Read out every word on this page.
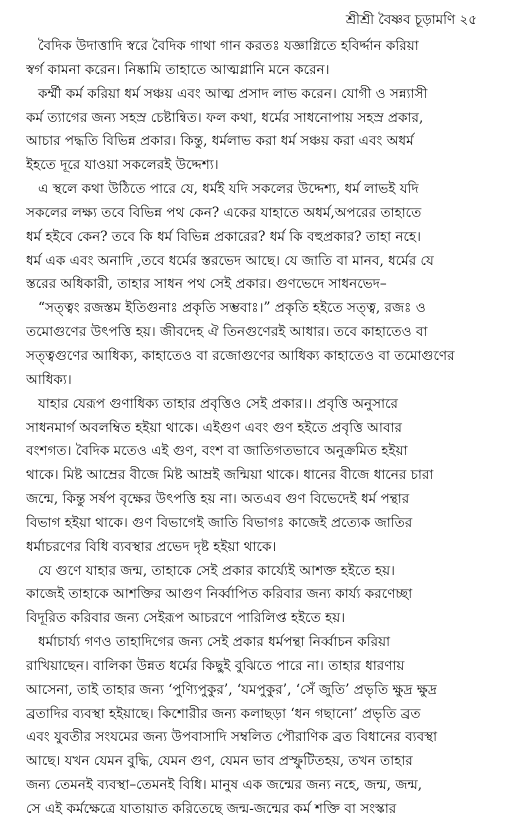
শ্রীশ্রী বৈষ্ণব চূড়ামণি ২৫
বৈদিক উদাত্তাদি স্বরে বৈদিক গাথা গান করতঃ যজ্ঞাগ্নিতে হবির্দ্দান করিয়া
স্বর্গ কামনা করেন। নিষ্কামি তাহাতে আত্মগ্লানি মনে করেন।
কর্ম্মী কর্ম করিয়া ধর্ম সঞ্চয় এবং আত্ম প্রসাদ লাভ করেন। যোগী ও সন্ন্যাসী
কর্ম ত্যাগের জন্য সহস্র চেষ্টান্বিত। ফল কথা, ধর্মের সাধনোপায় সহস্র প্রকার,
আচার পদ্ধতি বিভিন্ন প্রকার। কিন্তু, ধর্মলাভ করা ধর্ম সঞ্চয় করা এবং অধর্ম
ইহতে দূরে যাওয়া সকলেরই উদ্দেশ্য।
এ স্থলে কথা উঠিতে পারে যে, ধর্মই যদি সকলের উদ্দেশ্য, ধর্ম লাভই যদি
সকলের লক্ষ্য তবে বিভিন্ন পথ কেন? একের যাহাতে অধর্ম,অপরের তাহাতে
ধর্ম হইবে কেন? তবে কি ধর্ম বিভিন্ন প্রকারের? ধর্ম কি বহুপ্রকার? তাহা নহে।
ধর্ম এক এবং অনাদি ,তবে ধর্মের স্তরভেদ আছে। যে জাতি বা মানব, ধর্মের যে
স্তরের অধিকারী, তাহার সাধন পথ সেই প্রকার। গুণভেদে সাধনভেদ–
“সত্ত্বং রজস্তম ইতিগুনাঃ প্রকৃতি সম্ভবাঃ।” প্রকৃতি হইতে সত্ত্ব, রজঃ ও
তমোগুণের উৎপত্তি হয়। জীবদেহ ঐ তিনগুণেরই আধার। তবে কাহাতেও বা
সত্ত্বগুণের আধিক্য, কাহাতেও বা রজোগুণের আধিক্য কাহাতেও বা তমোগুণের
আধিক্য।
যাহার যেরূপ গুণাধিক্য তাহার প্রবৃত্তিও সেই প্রকার।। প্রবৃত্তি অনুসারে
সাধনমার্গ অবলম্বিত হইয়া থাকে। এইগুণ এবং গুণ হইতে প্রবৃত্তি আবার
বংশগত। বৈদিক মতেও এই গুণ, বংশ বা জাতিগতভাবে অনুক্রমিত হইয়া
থাকে। মিষ্ট আম্রের বীজে মিষ্ট আম্রই জন্মিয়া থাকে। ধানের বীজে ধানের চারা
জন্মে, কিন্তু সর্ষপ বৃক্ষের উৎপত্তি হয় না। অতএব গুণ বিভেদেই ধর্ম পন্থার
বিভাগ হইয়া থাকে। গুণ বিভাগেই জাতি বিভাগঃ কাজেই প্রত্যেক জাতির
ধর্মাচরণের বিধি ব্যবস্থার প্রভেদ দৃষ্ট হইয়া থাকে।
যে গুণে যাহার জন্ম, তাহাকে সেই প্রকার কার্য্যেই আশক্ত হইতে হয়।
কাজেই তাহাকে আশক্তির আগুণ নির্ব্বাপিত করিবার জন্য কার্য্য করণেচ্ছা
বিদূরিত করিবার জন্য সেইরূপ আচরণে পারিলিপ্ত হইতে হয়।
ধর্মাচার্য্য গণও তাহাদিগের জন্য সেই প্রকার ধর্মপন্থা নির্ব্বাচন করিয়া
রাখিয়াছেন। বালিকা উন্নত ধর্মের কিছুই বুঝিতে পারে না। তাহার ধারণায়
আসেনা, তাই তাহার জন্য ‘পুণ্যিপুকুর’, ‘যমপুকুর’, ‘সেঁ জুতি’ প্রভৃতি ক্ষুদ্র ক্ষুদ্র
ব্রতাদির ব্যবস্থা হইয়াছে। কিশোরীর জন্য কলাছড়া ‘ধন গছানো’ প্রভৃতি ব্রত
এবং যুবতীর সংযমের জন্য উপবাসাদি সম্বলিত পৌরাণিক ব্রত বিধানের ব্যবস্থা
আছে। যখন যেমন বুদ্ধি, যেমন গুণ, যেমন ভাব প্রস্ফুটিতহয়, তখন তাহার
জন্য তেমনই ব্যবস্থা–তেমনই বিধি। মানুষ এক জন্মের জন্য নহে, জন্ম, জন্ম,
সে এই কর্মক্ষেত্রে যাতায়াত করিতেছে জন্ম-জন্মের কর্ম শক্তি বা সংস্কার
